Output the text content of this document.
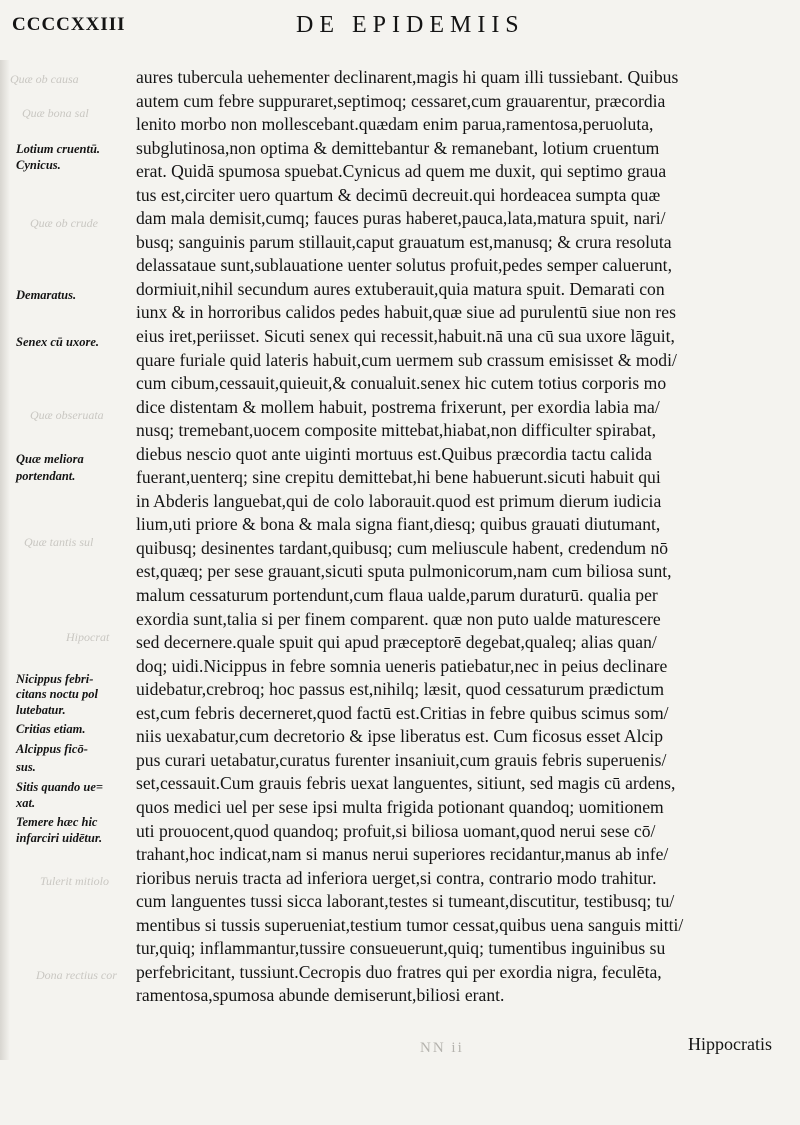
CCCCXXIII	DE EPIDEMIIS
Quæ ob causa
Quæ bona sal
Quæ ob crude
Quæ obseruata
Quæ tantis sul
Hipocrat
Tulerit mitiolo
Dona rectius cor
Lotium cruentū.
Cynicus.
Demaratus.
Senex cū uxore.
Quæ meliora
portendant.
Nicippus febri-
citans noctu pol
lutebatur.
Critias etiam.
Alcippus ficō-
sus.
Sitis quando ue=
xat.
Temere hæc hic
infarciri uidētur.
aures tubercula uehementer declinarent,magis hi quam illi tussiebant. Quibus
autem cum febre suppuraret,septimoq; cessaret,cum grauarentur, præcordia
lenito morbo non mollescebant.quædam enim parua,ramentosa,peruoluta,
subglutinosa,non optima & demittebantur & remanebant, lotium cruentum
erat. Quidā spumosa spuebat.Cynicus ad quem me duxit, qui septimo graua
tus est,circiter uero quartum & decimū decreuit.qui hordeacea sumpta quæ
dam mala demisit,cumq; fauces puras haberet,pauca,lata,matura spuit, nari/
busq; sanguinis parum stillauit,caput grauatum est,manusq; & crura resoluta
delassataue sunt,sublauatione uenter solutus profuit,pedes semper caluerunt,
dormiuit,nihil secundum aures extuberauit,quia matura spuit. Demarati con
iunx & in horroribus calidos pedes habuit,quæ siue ad purulentū siue non res
eius iret,periisset. Sicuti senex qui recessit,habuit.nā una cū sua uxore lāguit,
quare furiale quid lateris habuit,cum uermem sub crassum emisisset & modi/
cum cibum,cessauit,quieuit,& conualuit.senex hic cutem totius corporis mo
dice distentam & mollem habuit, postrema frixerunt, per exordia labia ma/
nusq; tremebant,uocem composite mittebat,hiabat,non difficulter spirabat,
diebus nescio quot ante uiginti mortuus est.Quibus præcordia tactu calida
fuerant,uenterq; sine crepitu demittebat,hi bene habuerunt.sicuti habuit qui
in Abderis languebat,qui de colo laborauit.quod est primum dierum iudicia
lium,uti priore & bona & mala signa fiant,diesq; quibus grauati diutumant,
quibusq; desinentes tardant,quibusq; cum meliuscule habent, credendum nō
est,quæq; per sese grauant,sicuti sputa pulmonicorum,nam cum biliosa sunt,
malum cessaturum portendunt,cum flaua ualde,parum duraturū. qualia per
exordia sunt,talia si per finem comparent. quæ non puto ualde maturescere
sed decernere.quale spuit qui apud præceptorē degebat,qualeq; alias quan/
doq; uidi.Nicippus in febre somnia ueneris patiebatur,nec in peius declinare
uidebatur,crebroq; hoc passus est,nihilq; læsit, quod cessaturum prædictum
est,cum febris decerneret,quod factū est.Critias in febre quibus scimus som/
niis uexabatur,cum decretorio & ipse liberatus est. Cum ficosus esset Alcip
pus curari uetabatur,curatus furenter insaniuit,cum grauis febris superuenis/
set,cessauit.Cum grauis febris uexat languentes, sitiunt, sed magis cū ardens,
quos medici uel per sese ipsi multa frigida potionant quandoq; uomitionem
uti prouocent,quod quandoq; profuit,si biliosa uomant,quod nerui sese cō/
trahant,hoc indicat,nam si manus nerui superiores recidantur,manus ab infe/
rioribus neruis tracta ad inferiora uerget,si contra, contrario modo trahitur.
cum languentes tussi sicca laborant,testes si tumeant,discutitur, testibusq; tu/
mentibus si tussis superueniat,testium tumor cessat,quibus uena sanguis mitti/
tur,quiq; inflammantur,tussire consueuerunt,quiq; tumentibus inguinibus su
perfebricitant, tussiunt.Cecropis duo fratres qui per exordia nigra, feculēta,
ramentosa,spumosa abunde demiserunt,biliosi erant.
NN ii	Hippocratis
